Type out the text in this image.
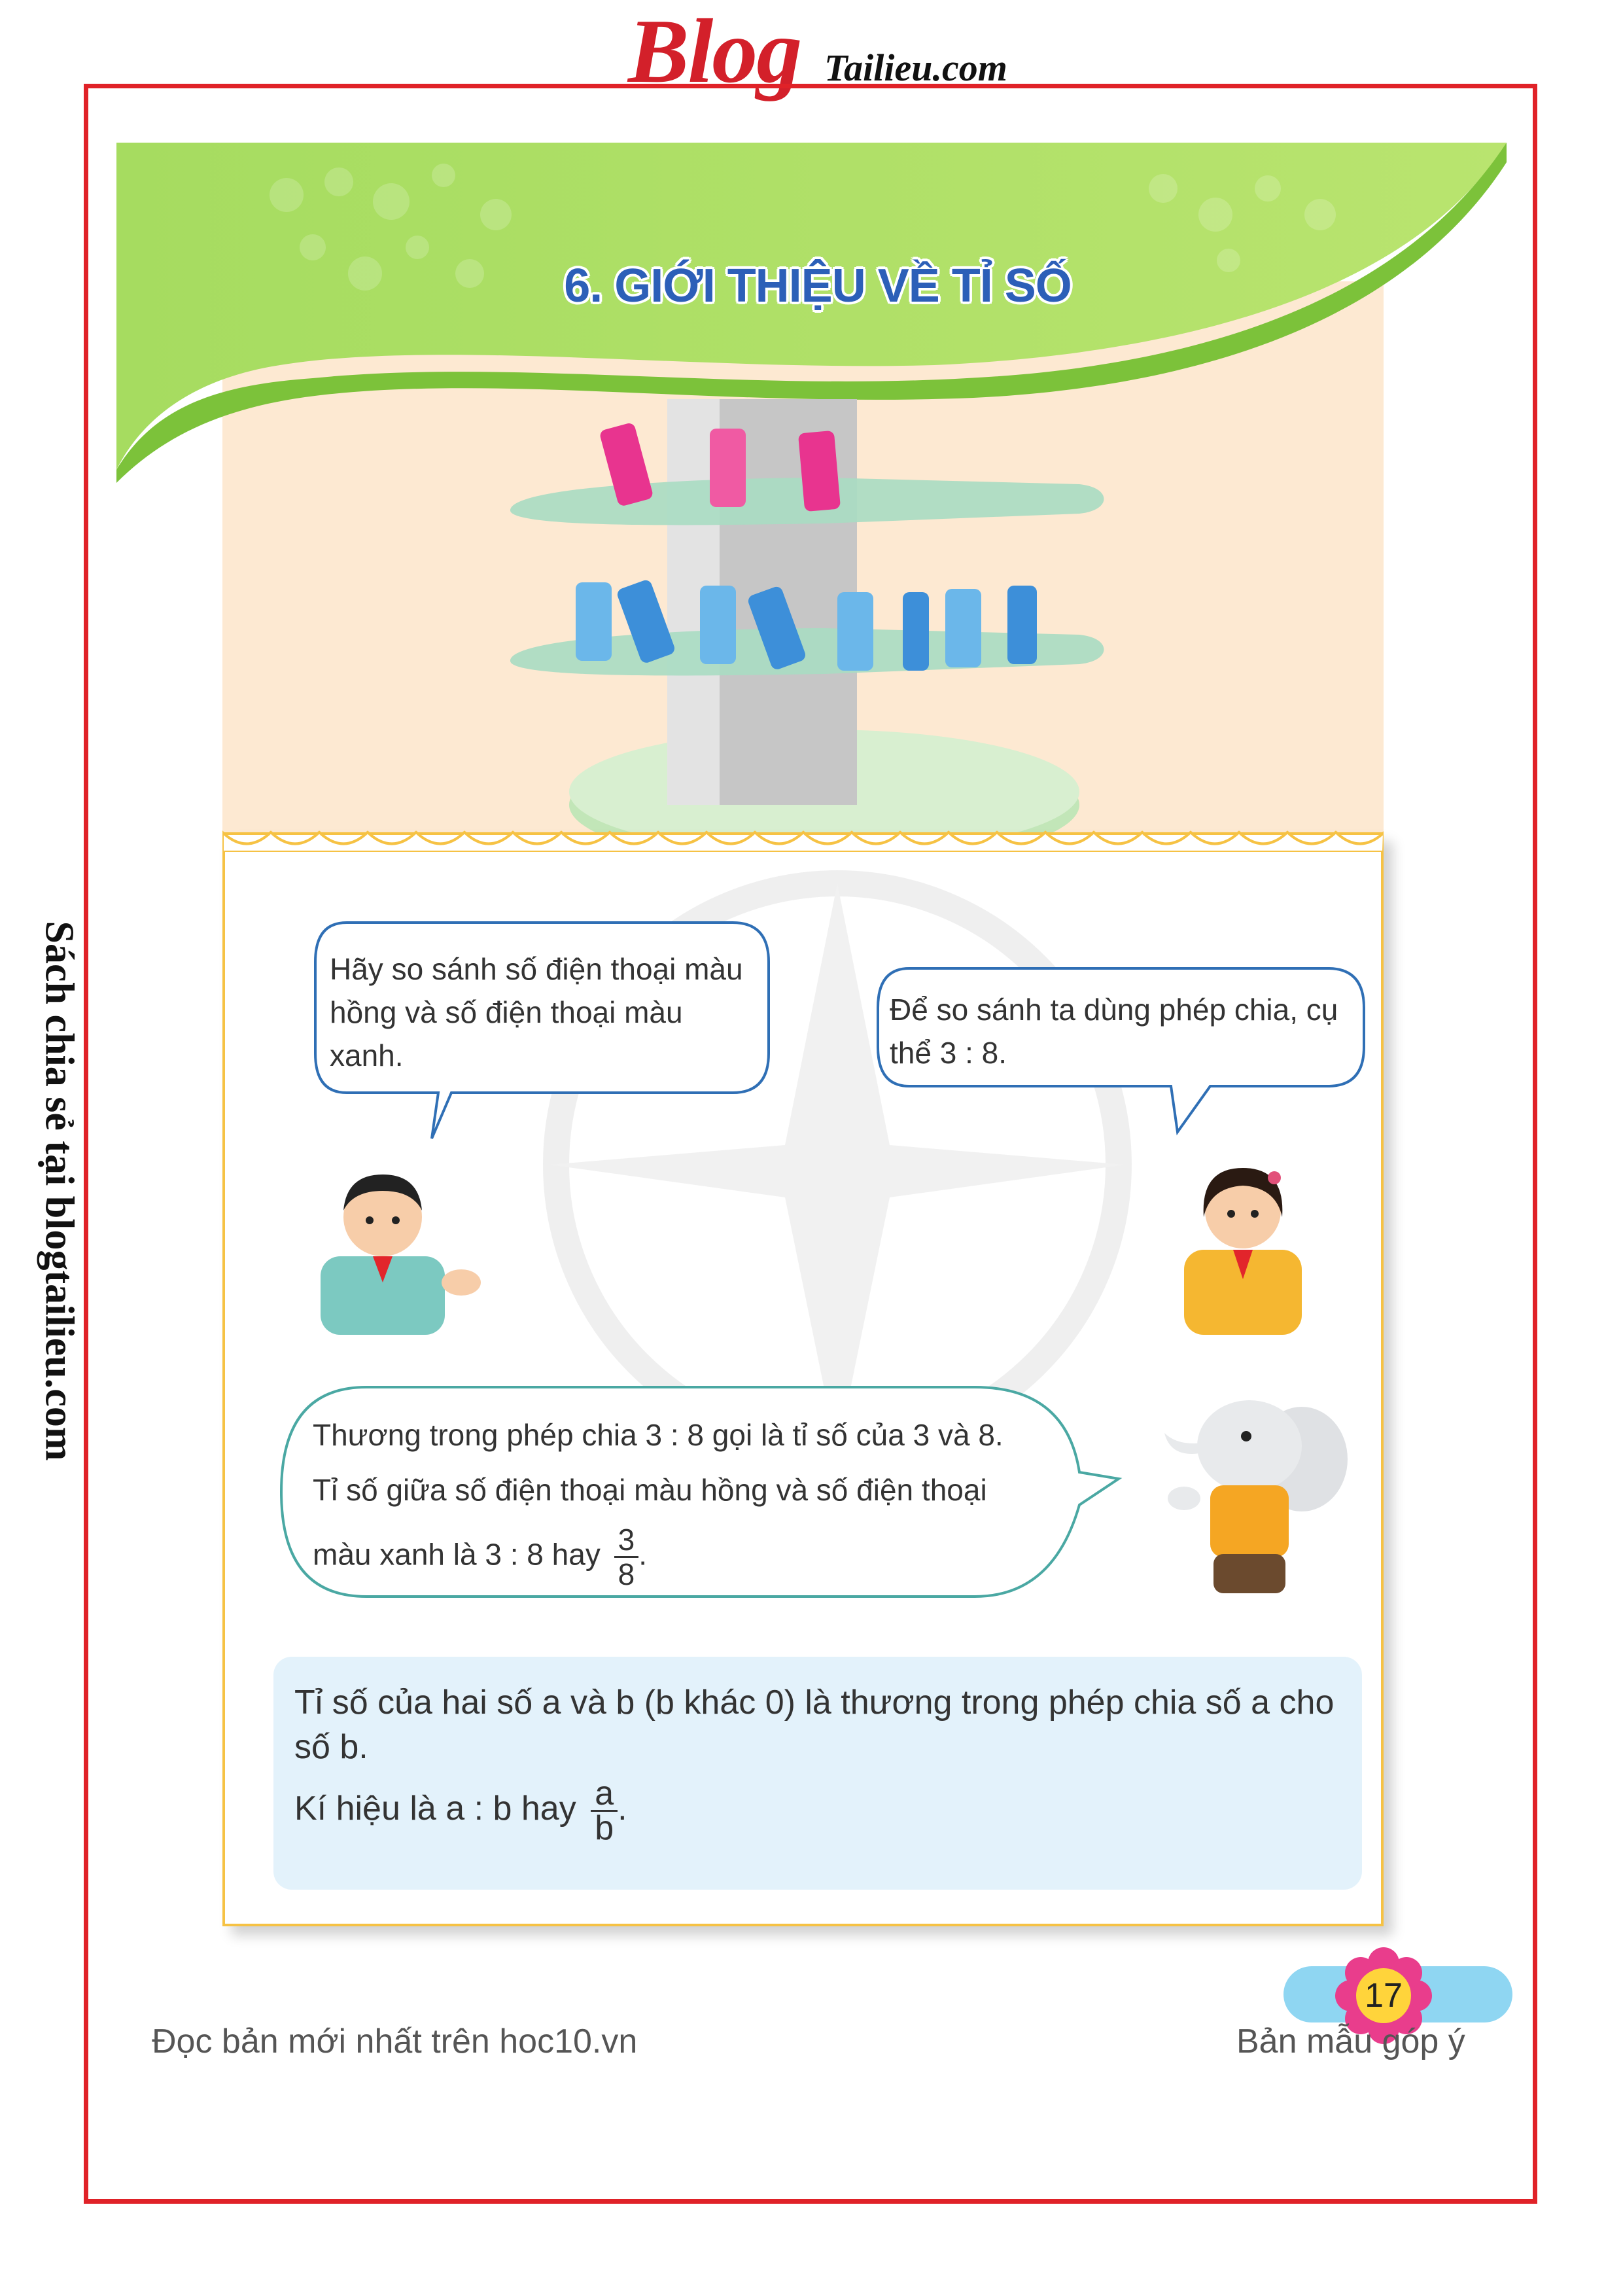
Blog Tailieu.com
Sách chia sẻ tại blogtailieu.com
6. GIỚI THIỆU VỀ TỈ SỐ
Hãy so sánh số điện thoại màu hồng và số điện thoại màu xanh.
Để so sánh ta dùng phép chia, cụ thể 3 : 8.
Thương trong phép chia 3 : 8 gọi là tỉ số của 3 và 8.
Tỉ số giữa số điện thoại màu hồng và số điện thoại
màu xanh là 3 : 8 hay $\frac{3}{8}$ .
Tỉ số của hai số a và b (b khác 0) là thương trong phép chia số a cho số b.
Kí hiệu là a : b hay $\frac{a}{b}$ .
Đọc bản mới nhất trên hoc10.vn
17
Bản mẫu góp ý
